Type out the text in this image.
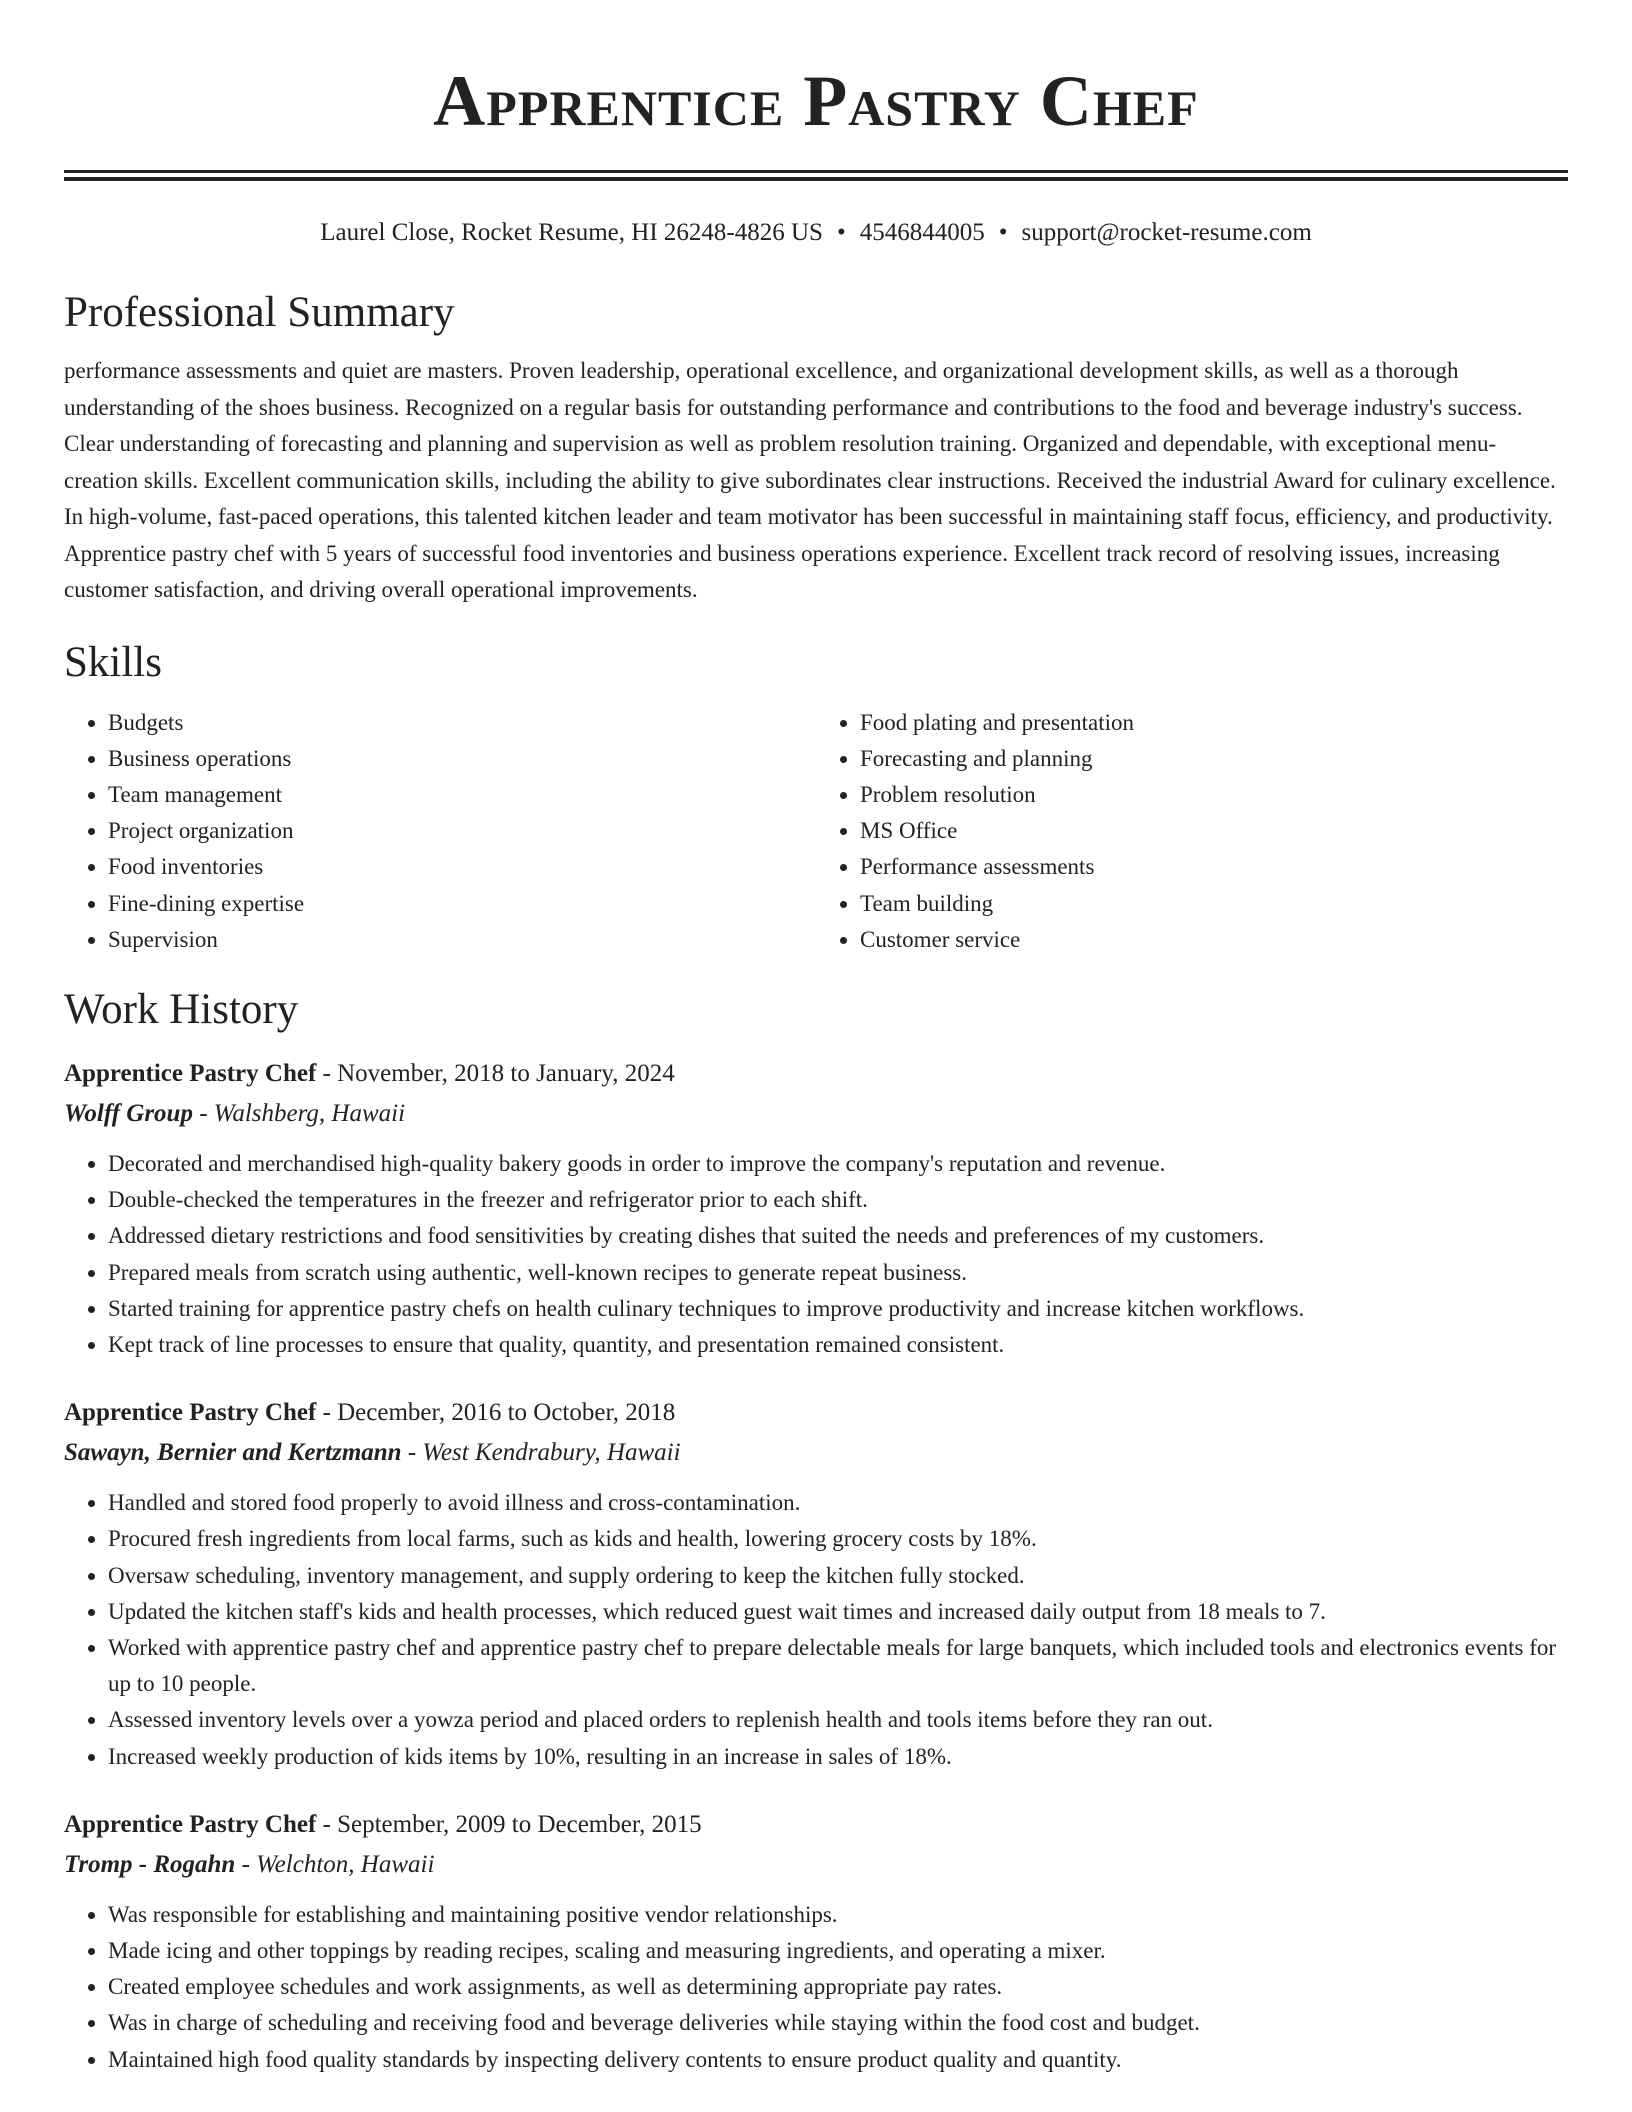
Apprentice Pastry Chef
Laurel Close, Rocket Resume, HI 26248-4826 US • 4546844005 • support@rocket-resume.com
Professional Summary

performance assessments and quiet are masters. Proven leadership, operational excellence, and organizational development skills, as well as a thorough understanding of the shoes business. Recognized on a regular basis for outstanding performance and contributions to the food and beverage industry's success. Clear understanding of forecasting and planning and supervision as well as problem resolution training. Organized and dependable, with exceptional menu-creation skills. Excellent communication skills, including the ability to give subordinates clear instructions. Received the industrial Award for culinary excellence. In high-volume, fast-paced operations, this talented kitchen leader and team motivator has been successful in maintaining staff focus, efficiency, and productivity. Apprentice pastry chef with 5 years of successful food inventories and business operations experience. Excellent track record of resolving issues, increasing customer satisfaction, and driving overall operational improvements.

Skills
• Budgets
• Business operations
• Team management
• Project organization
• Food inventories
• Fine-dining expertise
• Supervision
• Food plating and presentation
• Forecasting and planning
• Problem resolution
• MS Office
• Performance assessments
• Team building
• Customer service
Work History
Apprentice Pastry Chef - November, 2018 to January, 2024
Wolff Group - Walshberg, Hawaii
• Decorated and merchandised high-quality bakery goods in order to improve the company's reputation and revenue.
• Double-checked the temperatures in the freezer and refrigerator prior to each shift.
• Addressed dietary restrictions and food sensitivities by creating dishes that suited the needs and preferences of my customers.
• Prepared meals from scratch using authentic, well-known recipes to generate repeat business.
• Started training for apprentice pastry chefs on health culinary techniques to improve productivity and increase kitchen workflows.
• Kept track of line processes to ensure that quality, quantity, and presentation remained consistent.
Apprentice Pastry Chef - December, 2016 to October, 2018
Sawayn, Bernier and Kertzmann - West Kendrabury, Hawaii
• Handled and stored food properly to avoid illness and cross-contamination.
• Procured fresh ingredients from local farms, such as kids and health, lowering grocery costs by 18%.
• Oversaw scheduling, inventory management, and supply ordering to keep the kitchen fully stocked.
• Updated the kitchen staff's kids and health processes, which reduced guest wait times and increased daily output from 18 meals to 7.
• Worked with apprentice pastry chef and apprentice pastry chef to prepare delectable meals for large banquets, which included tools and electronics events for up to 10 people.
• Assessed inventory levels over a yowza period and placed orders to replenish health and tools items before they ran out.
• Increased weekly production of kids items by 10%, resulting in an increase in sales of 18%.
Apprentice Pastry Chef - September, 2009 to December, 2015
Tromp - Rogahn - Welchton, Hawaii
• Was responsible for establishing and maintaining positive vendor relationships.
• Made icing and other toppings by reading recipes, scaling and measuring ingredients, and operating a mixer.
• Created employee schedules and work assignments, as well as determining appropriate pay rates.
• Was in charge of scheduling and receiving food and beverage deliveries while staying within the food cost and budget.
• Maintained high food quality standards by inspecting delivery contents to ensure product quality and quantity.
